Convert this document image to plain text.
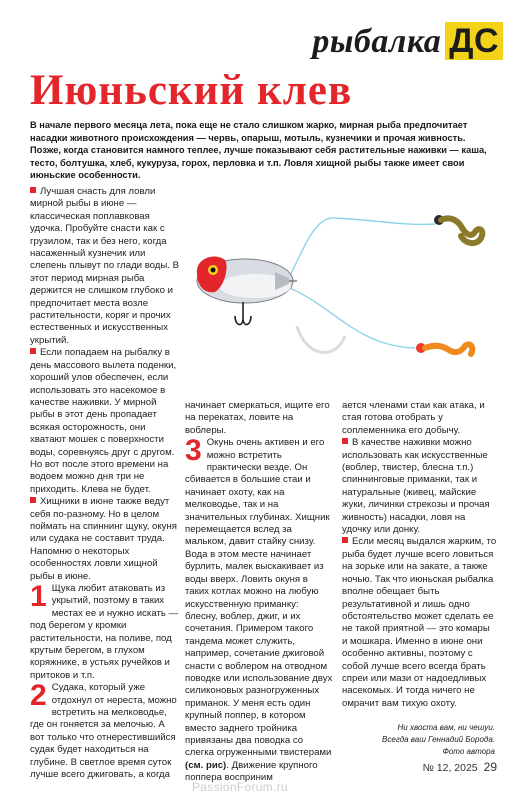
рыбалка ДС
Июньский клев
В начале первого месяца лета, пока еще не стало слишком жарко, мирная рыба предпочитает насадки животного происхождения — червь, опарыш, мотыль, кузнечики и прочая живность. Позже, когда становится намного теплее, лучше показывают себя растительные наживки — каша, тесто, болтушка, хлеб, кукуруза, горох, перловка и т.п. Ловля хищной рыбы также имеет свои июньские особенности.

Лучшая снасть для ловли мирной рыбы в июне — классическая поплавковая удочка. Пробуйте снасти как с грузилом, так и без него, когда насаженный кузнечик или слепень плывут по глади воды. В этот период мирная рыба держится не слишком глубоко и предпочитает места возле растительности, коряг и прочих естественных и искусственных укрытий.

Если попадаем на рыбалку в день массового вылета поденки, хороший улов обеспечен, если использовать это насекомое в качестве наживки. У мирной рыбы в этот день пропадает всякая осторожность, они хватают мошек с поверхности воды, соревнуясь друг с другом. Но вот после этого времени на водоем можно дня три не приходить. Клева не будет.

Хищники в июне также ведут себя по-разному. Но в целом поймать на спиннинг щуку, окуня или судака не составит труда. Напомню о некоторых особенностях ловли хищной рыбы в июне.

1 Щука любит атаковать из укрытий, поэтому в таких местах ее и нужно искать — под берегом у кромки растительности, на поливе, под крутым берегом, в глухом коряжнике, в устьях ручейков и притоков и т.п.

2 Судака, который уже отдохнул от нереста, можно встретить на мелководье, где он гоняется за мелочью. А вот только что отнерестившийся судак будет находиться на глубине. В светлое время суток лучше всего джиговать, а когда

начинает смеркаться, ищите его на перекатах, ловите на воблеры.

3 Окунь очень активен и его можно встретить практически везде. Он сбивается в большие стаи и начинает охоту, как на мелководье, так и на значительных глубинах. Хищник перемещается вслед за мальком, давит стайку снизу. Вода в этом месте начинает бурлить, малек выскакивает из воды вверх. Ловить окуня в таких котлах можно на любую искусственную приманку: блесну, воблер, джиг, и их сочетания. Примером такого тандема может служить, например, сочетание джиговой снасти с воблером на отводном поводке или использование двух силиконовых разногруженных приманок. У меня есть один крупный поппер, в котором вместо заднего тройника привязаны два поводка со слегка огруженными твистерами (см. рис). Движение крупного поппера восприним

ается членами стаи как атака, и стая готова отобрать у соплеменника его добычу.

В качестве наживки можно использовать как искусственные (воблер, твистер, блесна т.п.) спиннинговые приманки, так и натуральные (живец, майские жуки, личинки стрекозы и прочая живность) насадки, ловя на удочку или донку.

Если месяц выдался жарким, то рыба будет лучше всего ловиться на зорьке или на закате, а также ночью. Так что июньская рыбалка вполне обещает быть результативной и лишь одно обстоятельство может сделать ее не такой приятной — это комары и мошкара. Именно в июне они особенно активны, поэтому с собой лучше всего всегда брать спреи или мази от надоедливых насекомых. И тогда ничего не омрачит вам тихую охоту.

Ни хвоста вам, ни чешуи.
Всегда ваш Геннадий Борода.
Фото автора
№ 12, 2025 29
PassionForum.ru
